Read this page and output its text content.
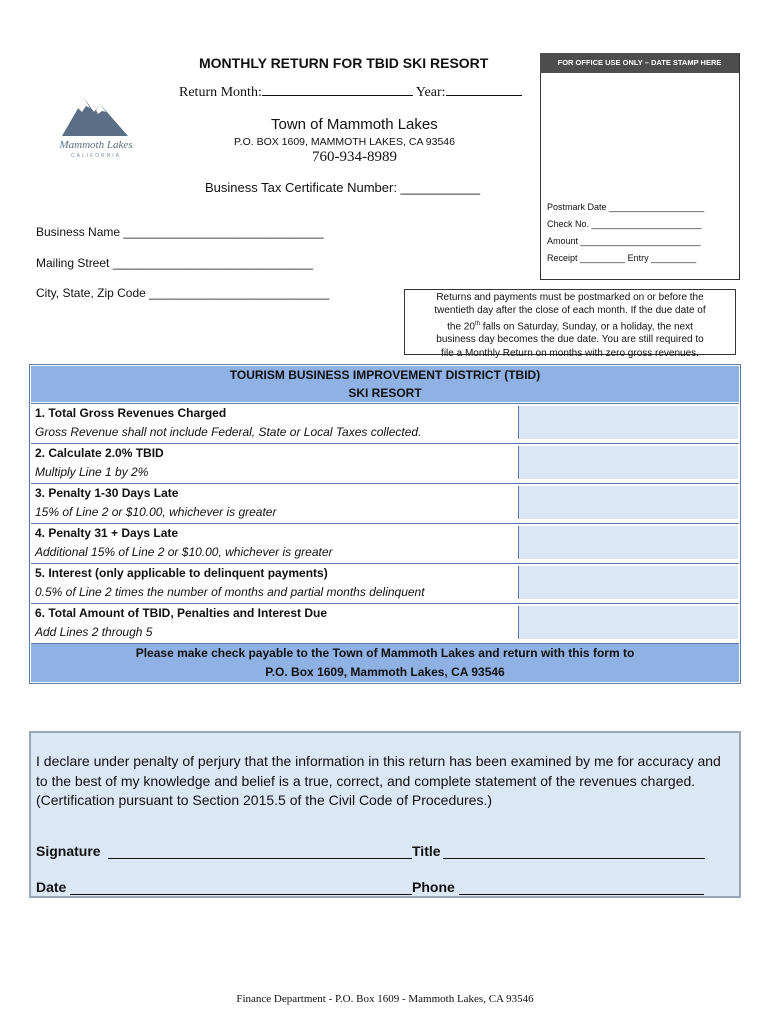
MONTHLY RETURN FOR TBID SKI RESORT
Return Month:	Year:
Mammoth Lakes
CALIFORNIA
Town of Mammoth Lakes
P.O. BOX 1609, MAMMOTH LAKES, CA 93546
760-934-8989
Business Tax Certificate Number: ___________
FOR OFFICE USE ONLY – DATE STAMP HERE
Postmark Date ___________________
Check No. ______________________
Amount ________________________
Receipt _________ Entry _________
Business Name ______________________________
Mailing Street ______________________________
City, State, Zip Code ___________________________	Returns and payments must be postmarked on or before the
twentieth day after the close of each month. If the due date of
the 20th falls on Saturday, Sunday, or a holiday, the next
business day becomes the due date. You are still required to
file a Monthly Return on months with zero gross revenues.
TOURISM BUSINESS IMPROVEMENT DISTRICT (TBID)
SKI RESORT
1. Total Gross Revenues Charged
Gross Revenue shall not include Federal, State or Local Taxes collected.
2. Calculate 2.0% TBID
Multiply Line 1 by 2%
3. Penalty 1-30 Days Late
15% of Line 2 or $10.00, whichever is greater
4. Penalty 31 + Days Late
Additional 15% of Line 2 or $10.00, whichever is greater
5. Interest (only applicable to delinquent payments)
0.5% of Line 2 times the number of months and partial months delinquent
6. Total Amount of TBID, Penalties and Interest Due
Add Lines 2 through 5
Please make check payable to the Town of Mammoth Lakes and return with this form to
P.O. Box 1609, Mammoth Lakes, CA 93546
I declare under penalty of perjury that the information in this return has been examined by me for accuracy and to the best of my knowledge and belief is a true, correct, and complete statement of the revenues charged. (Certification pursuant to Section 2015.5 of the Civil Code of Procedures.)
Signature	Title
Date	Phone
Finance Department - P.O. Box 1609 - Mammoth Lakes, CA 93546
